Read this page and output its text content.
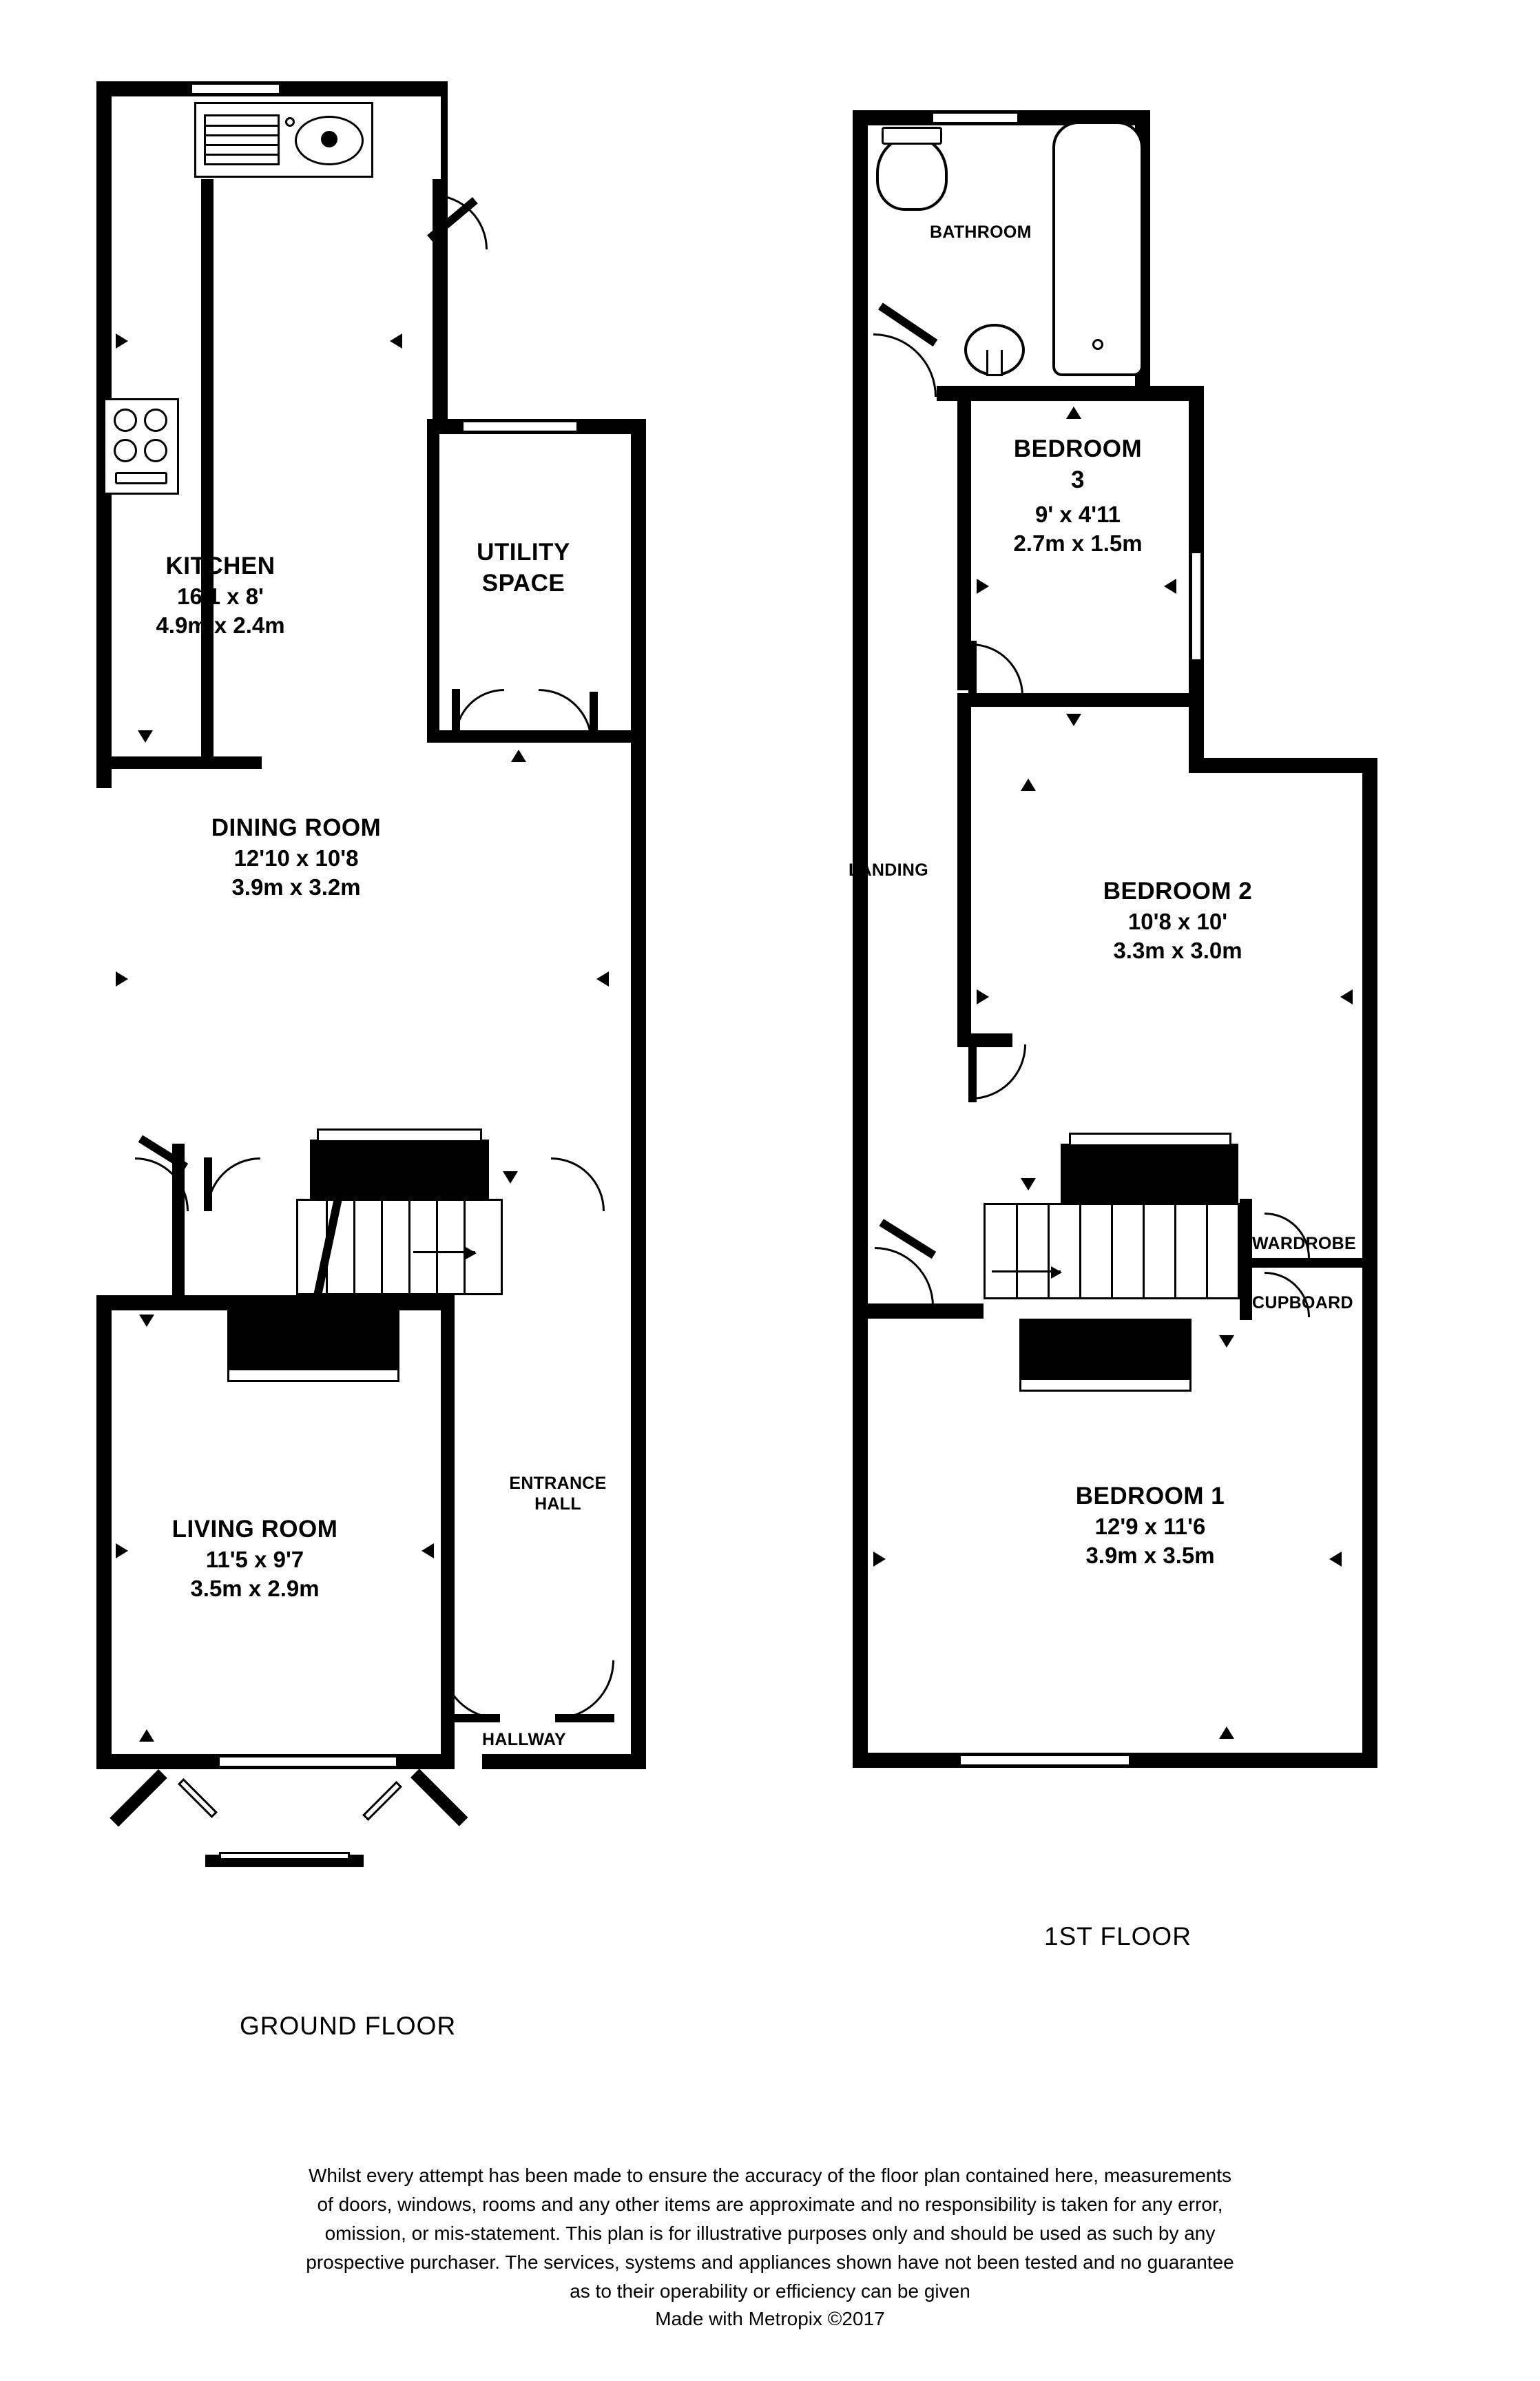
KITCHEN
16'1 x 8'
4.9m x 2.4m
UTILITY
SPACE
DINING ROOM
12'10 x 10'8
3.9m x 3.2m
LIVING ROOM
11'5 x 9'7
3.5m x 2.9m
ENTRANCE
HALL
HALLWAY
GROUND FLOOR
BATHROOM
BEDROOM
3
9' x 4'11
2.7m x 1.5m
BEDROOM 2
10'8 x 10'
3.3m x 3.0m
BEDROOM 1
12'9 x 11'6
3.9m x 3.5m
LANDING
WARDROBE
CUPBOARD
1ST FLOOR
Whilst every attempt has been made to ensure the accuracy of the floor plan contained here, measurements
of doors, windows, rooms and any other items are approximate and no responsibility is taken for any error,
omission, or mis-statement. This plan is for illustrative purposes only and should be used as such by any
prospective purchaser. The services, systems and appliances shown have not been tested and no guarantee
as to their operability or efficiency can be given
Made with Metropix ©2017
